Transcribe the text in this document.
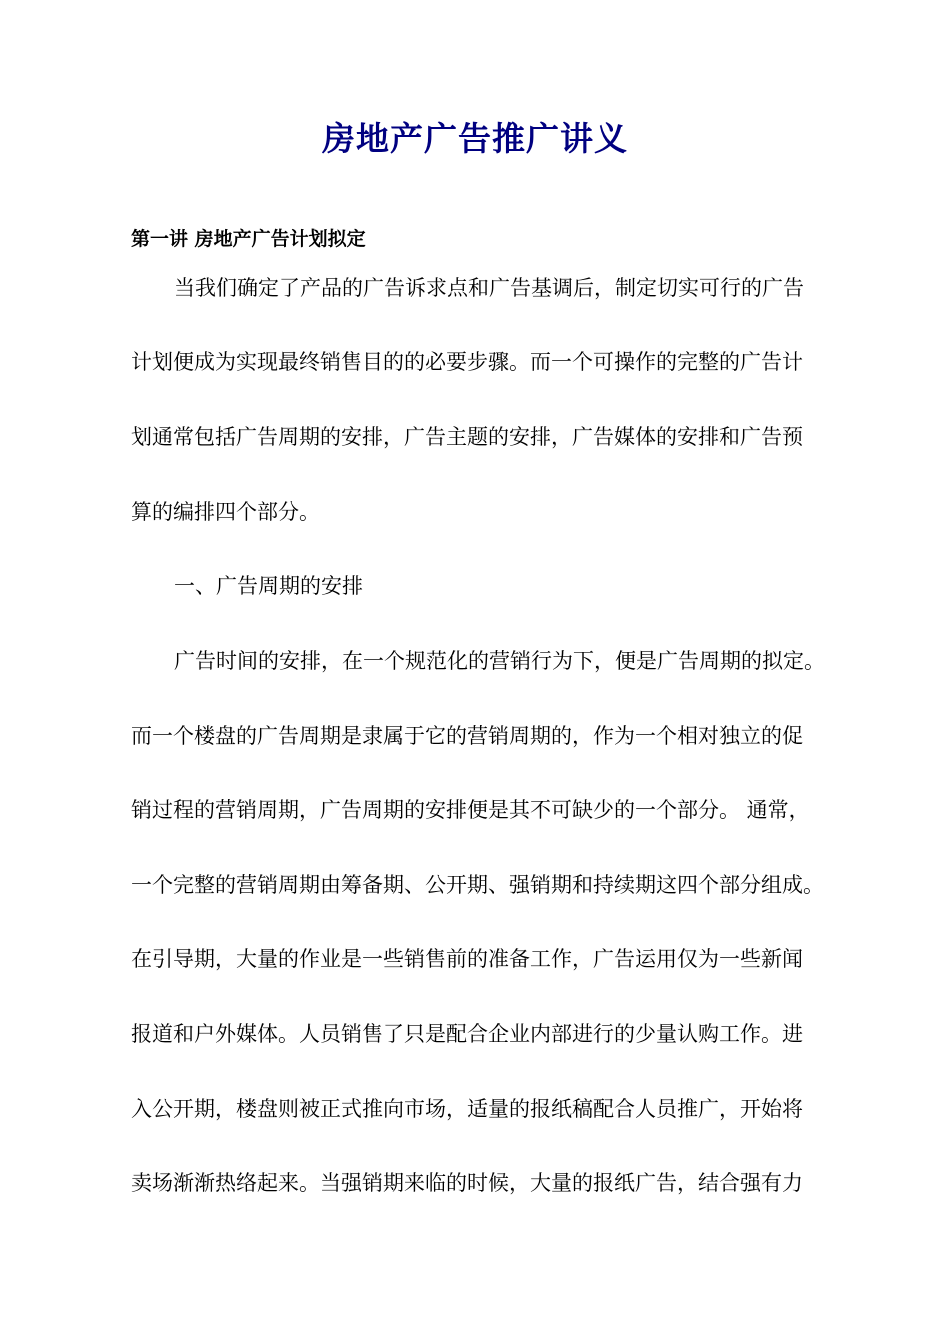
房地产广告推广讲义
第一讲 房地产广告计划拟定

当我们确定了产品的广告诉求点和广告基调后，制定切实可行的广告

计划便成为实现最终销售目的的必要步骤。而一个可操作的完整的广告计

划通常包括广告周期的安排，广告主题的安排，广告媒体的安排和广告预

算的编排四个部分。

一、广告周期的安排

广告时间的安排，在一个规范化的营销行为下，便是广告周期的拟定。

而一个楼盘的广告周期是隶属于它的营销周期的，作为一个相对独立的促

销过程的营销周期，广告周期的安排便是其不可缺少的一个部分。 通常，

一个完整的营销周期由筹备期、公开期、强销期和持续期这四个部分组成。

在引导期，大量的作业是一些销售前的准备工作，广告运用仅为一些新闻

报道和户外媒体。人员销售了只是配合企业内部进行的少量认购工作。进

入公开期，楼盘则被正式推向市场，适量的报纸稿配合人员推广，开始将

卖场渐渐热络起来。当强销期来临的时候，大量的报纸广告，结合强有力
